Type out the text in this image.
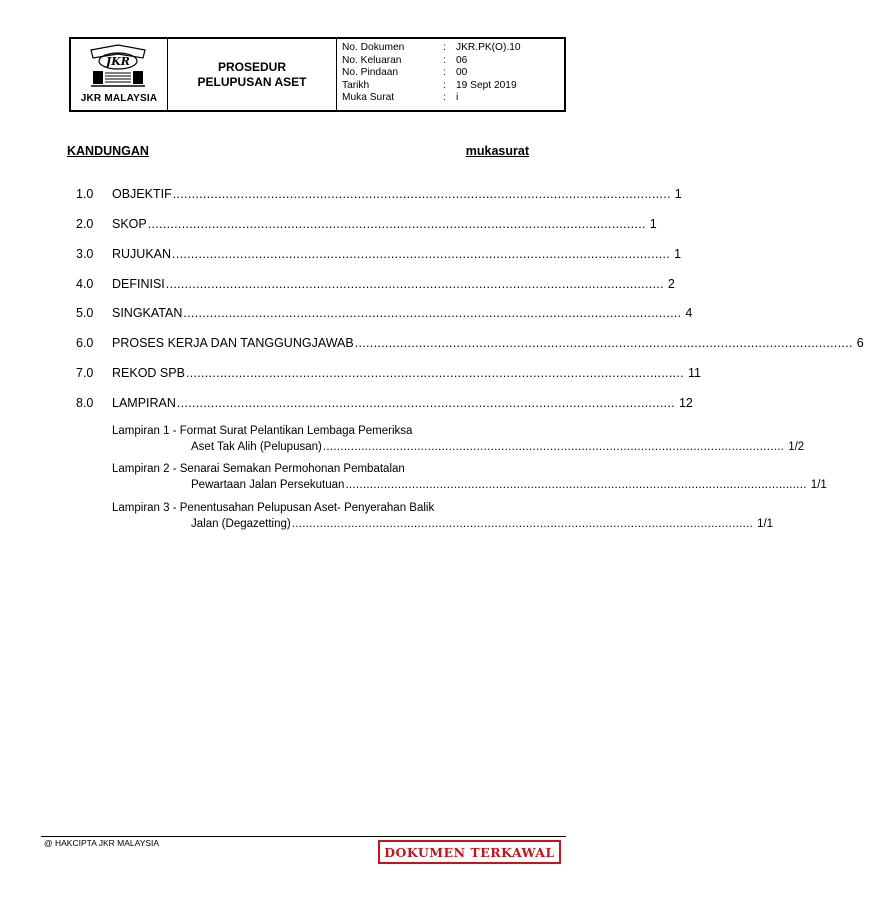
JKR
JKR MALAYSIA
PROSEDUR
PELUPUSAN ASET
No. Dokumen	: JKR.PK(O).10
No. Keluaran	: 06
No. Pindaan	: 00
Tarikh	: 19 Sept 2019
Muka Surat	: i
KANDUNGAN	mukasurat
1.0	OBJEKTIF .................................................................................................................................... 1
2.0	SKOP .................................................................................................................................... 1
3.0	RUJUKAN .................................................................................................................................... 1
4.0	DEFINISI .................................................................................................................................... 2
5.0	SINGKATAN .................................................................................................................................... 4
6.0	PROSES KERJA DAN TANGGUNGJAWAB .................................................................................................................................... 6
7.0	REKOD SPB .................................................................................................................................... 11
8.0	LAMPIRAN .................................................................................................................................... 12
Lampiran 1 - Format Surat Pelantikan Lembaga Pemeriksa
Aset Tak Alih (Pelupusan) .................................................................................................................................... 1/2
Lampiran 2 - Senarai Semakan Permohonan Pembatalan
Pewartaan Jalan Persekutuan .................................................................................................................................... 1/1
Lampiran 3 - Penentusahan Pelupusan Aset- Penyerahan Balik
Jalan (Degazetting) .................................................................................................................................... 1/1
@ HAKCIPTA JKR MALAYSIA
DOKUMEN TERKAWAL
